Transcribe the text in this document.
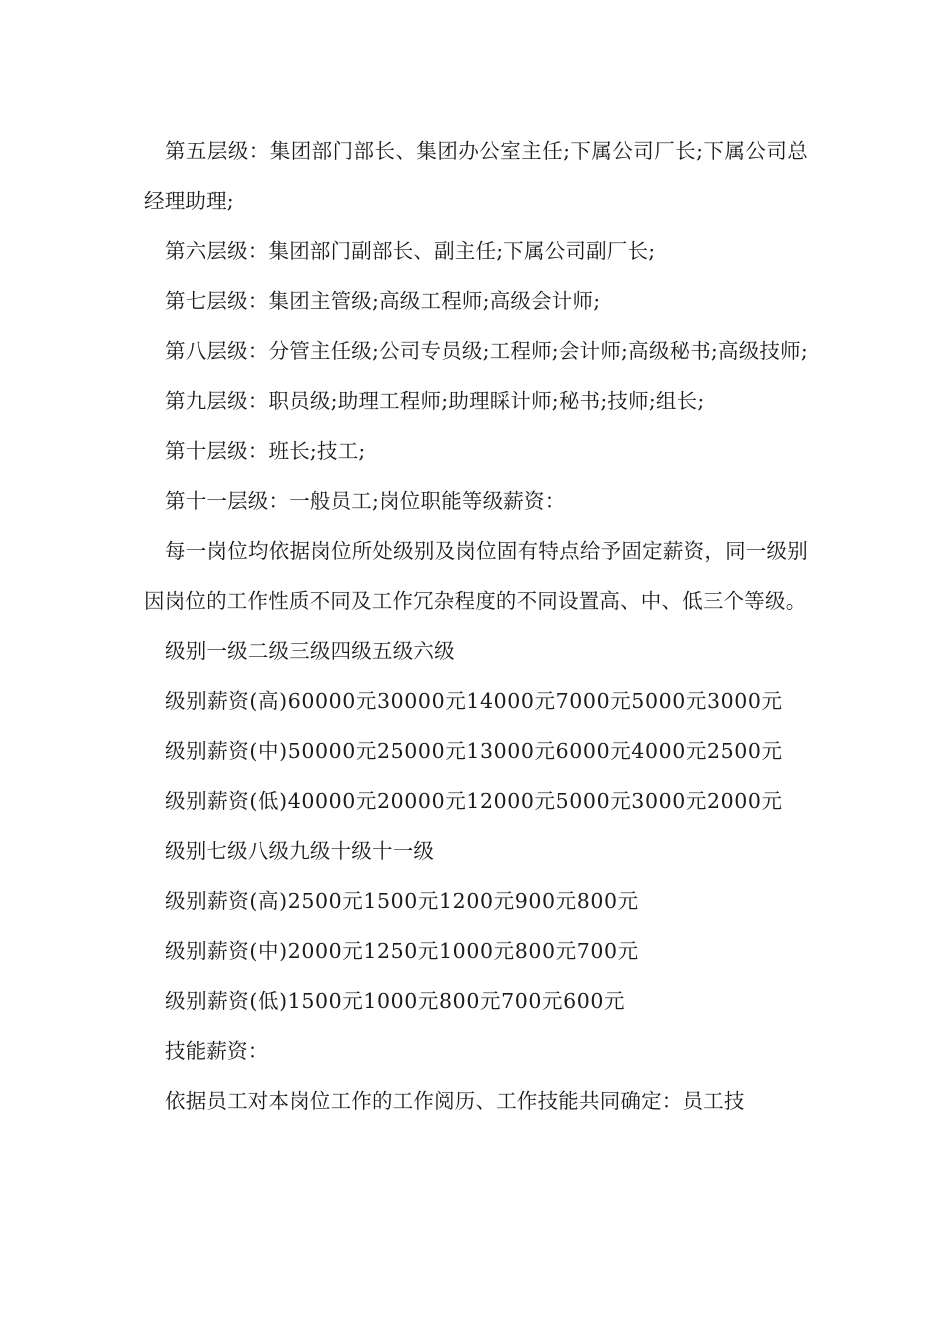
第五层级：集团部门部长、集团办公室主任;下属公司厂长;下属公司总经理助理;

第六层级：集团部门副部长、副主任;下属公司副厂长;

第七层级：集团主管级;高级工程师;高级会计师;

第八层级：分管主任级;公司专员级;工程师;会计师;高级秘书;高级技师;

第九层级：职员级;助理工程师;助理睬计师;秘书;技师;组长;

第十层级：班长;技工;

第十一层级：一般员工;岗位职能等级薪资：

每一岗位均依据岗位所处级别及岗位固有特点给予固定薪资，同一级别因岗位的工作性质不同及工作冗杂程度的不同设置高、中、低三个等级。

级别一级二级三级四级五级六级

级别薪资(高)60000元30000元14000元7000元5000元3000元

级别薪资(中)50000元25000元13000元6000元4000元2500元

级别薪资(低)40000元20000元12000元5000元3000元2000元

级别七级八级九级十级十一级

级别薪资(高)2500元1500元1200元900元800元

级别薪资(中)2000元1250元1000元800元700元

级别薪资(低)1500元1000元800元700元600元

技能薪资：

依据员工对本岗位工作的工作阅历、工作技能共同确定：员工技
